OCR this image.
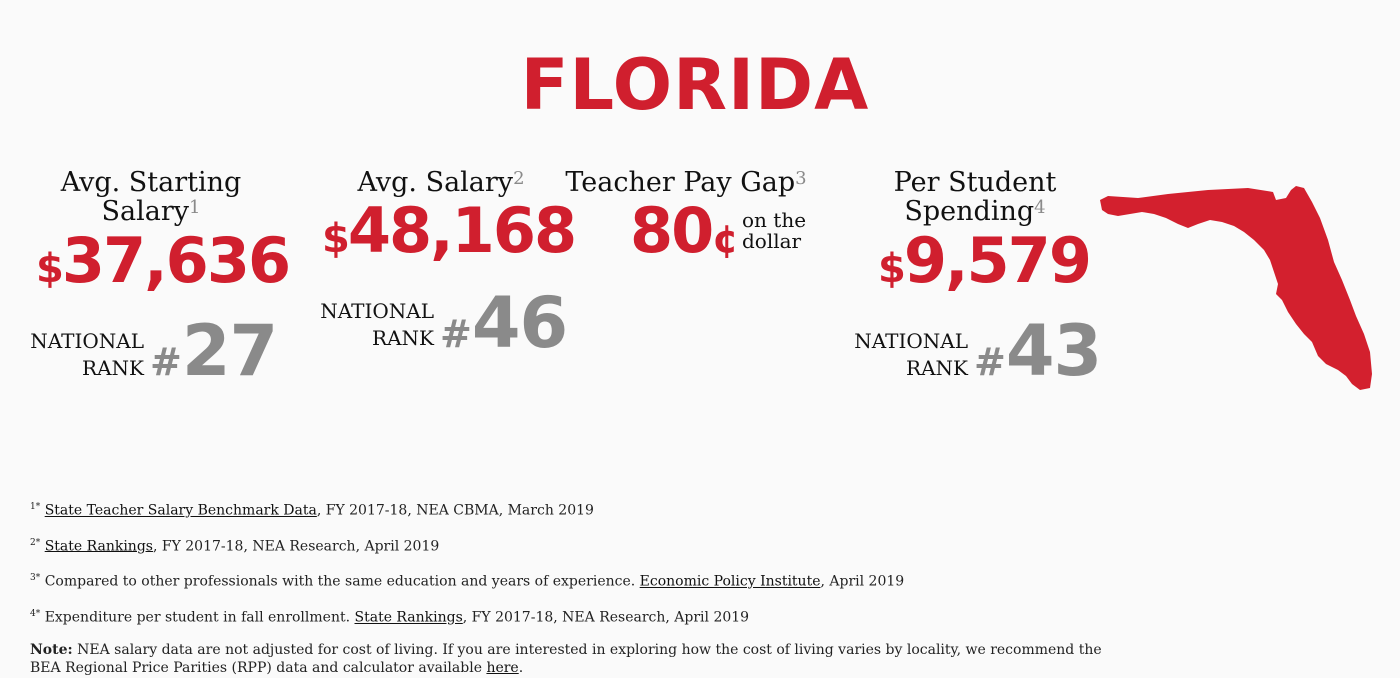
FLORIDA
Avg. Starting
Salary$^1$
$37,636
NATIONAL
RANK #27
Avg. Salary$^2$
$48,168
NATIONAL
RANK #46
Teacher Pay Gap$^3$
80¢ on the
dollar
Per Student
Spending$^4$
$9,579
NATIONAL
RANK #43
$^{1*}$ State Teacher Salary Benchmark Data, FY 2017-18, NEA CBMA, March 2019
$^{2*}$ State Rankings, FY 2017-18, NEA Research, April 2019
$^{3*}$ Compared to other professionals with the same education and years of experience. Economic Policy Institute, April 2019
$^{4*}$ Expenditure per student in fall enrollment. State Rankings, FY 2017-18, NEA Research, April 2019
Note: NEA salary data are not adjusted for cost of living. If you are interested in exploring how the cost of living varies by locality, we recommend the BEA Regional Price Parities (RPP) data and calculator available here.
